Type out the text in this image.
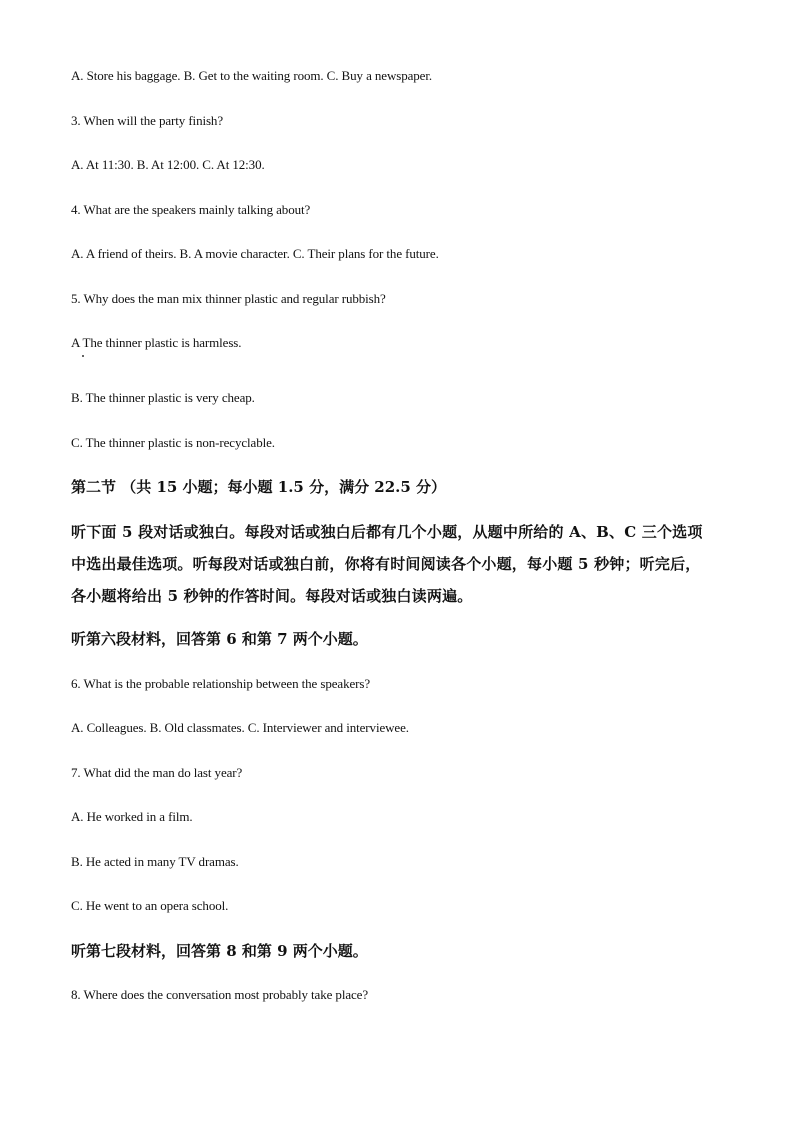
A. Store his baggage. B. Get to the waiting room. C. Buy a newspaper.

3. When will the party finish?

A. At 11:30. B. At 12:00. C. At 12:30.

4. What are the speakers mainly talking about?

A. A friend of theirs. B. A movie character. C. Their plans for the future.

5. Why does the man mix thinner plastic and regular rubbish?

A The thinner plastic is harmless.

B. The thinner plastic is very cheap.

C. The thinner plastic is non-recyclable.

第二节 （共 15 小题；每小题 1.5 分，满分 22.5 分）

听下面 5 段对话或独白。每段对话或独白后都有几个小题，从题中所给的 A、B、C 三个选项
中选出最佳选项。听每段对话或独白前，你将有时间阅读各个小题，每小题 5 秒钟；听完后，
各小题将给出 5 秒钟的作答时间。每段对话或独白读两遍。

听第六段材料，回答第 6 和第 7 两个小题。

6. What is the probable relationship between the speakers?

A. Colleagues. B. Old classmates. C. Interviewer and interviewee.

7. What did the man do last year?

A. He worked in a film.

B. He acted in many TV dramas.

C. He went to an opera school.

听第七段材料，回答第 8 和第 9 两个小题。

8. Where does the conversation most probably take place?
